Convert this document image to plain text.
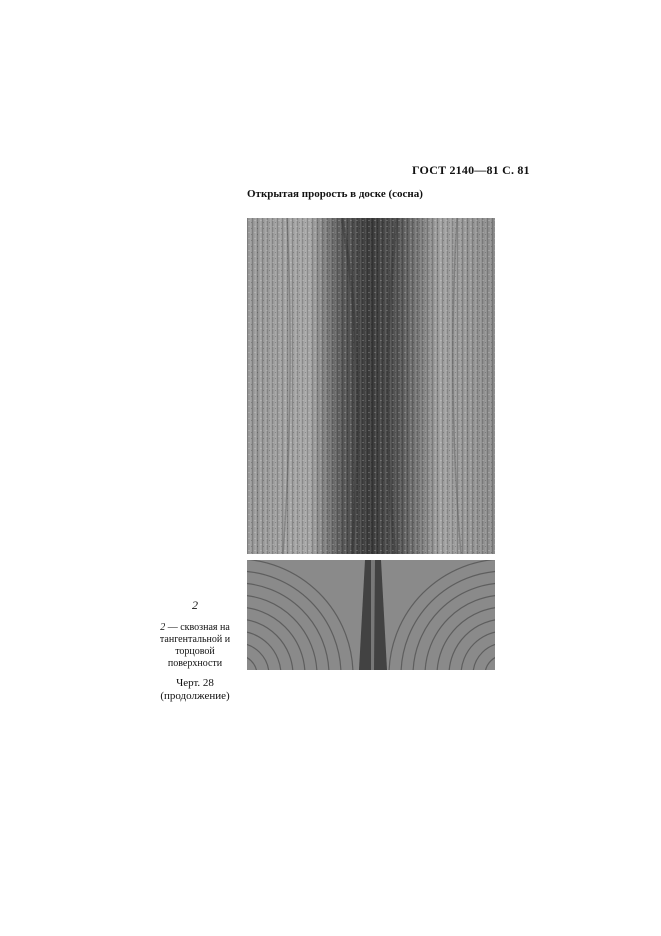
ГОСТ 2140—81 С. 81
Открытая прорость в доске (сосна)
2
2 — сквозная на тангентальной и торцовой поверхности
Черт. 28
(продолжение)
